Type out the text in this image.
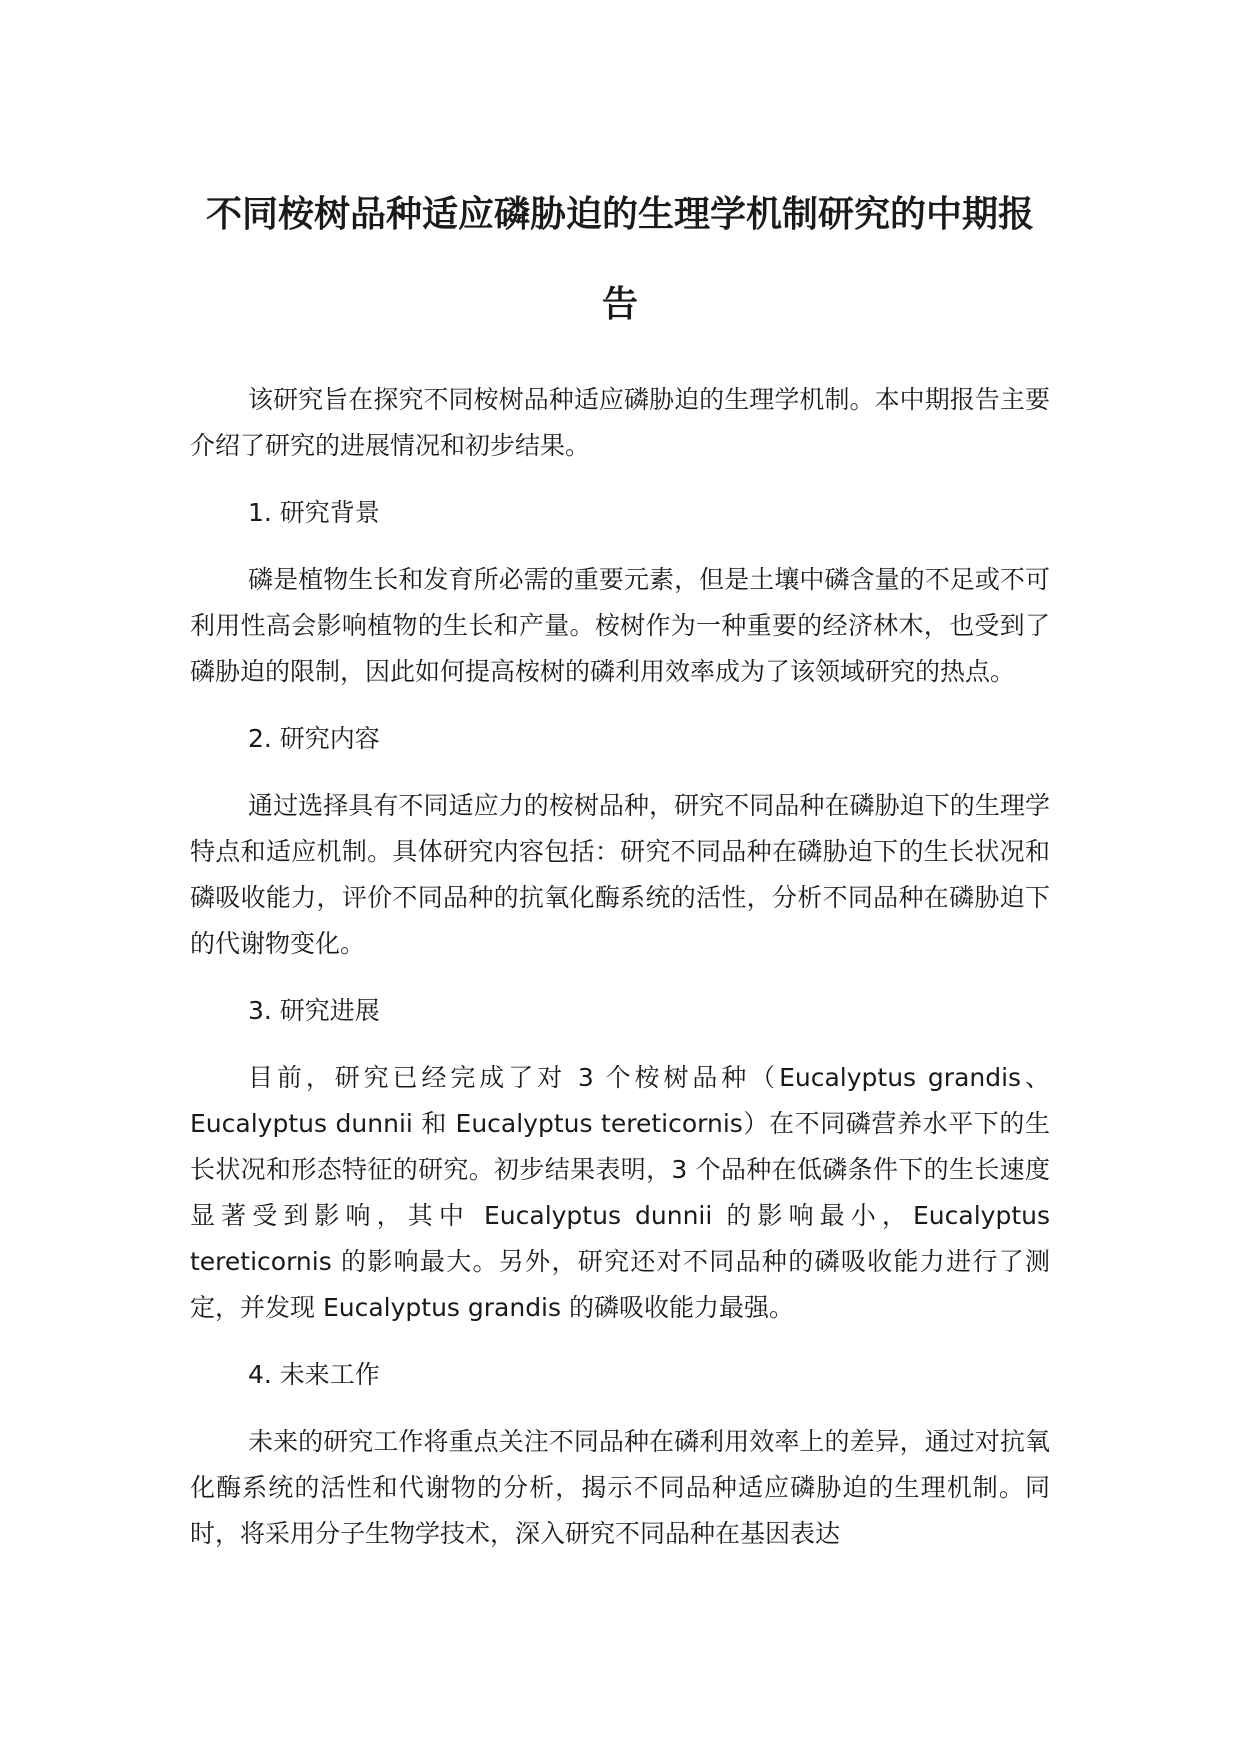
不同桉树品种适应磷胁迫的生理学机制研究的中期报告

该研究旨在探究不同桉树品种适应磷胁迫的生理学机制。本中期报告主要介绍了研究的进展情况和初步结果。

1. 研究背景

磷是植物生长和发育所必需的重要元素，但是土壤中磷含量的不足或不可利用性高会影响植物的生长和产量。桉树作为一种重要的经济林木，也受到了磷胁迫的限制，因此如何提高桉树的磷利用效率成为了该领域研究的热点。

2. 研究内容

通过选择具有不同适应力的桉树品种，研究不同品种在磷胁迫下的生理学特点和适应机制。具体研究内容包括：研究不同品种在磷胁迫下的生长状况和磷吸收能力，评价不同品种的抗氧化酶系统的活性，分析不同品种在磷胁迫下的代谢物变化。

3. 研究进展

目前，研究已经完成了对 3 个桉树品种（Eucalyptus grandis、Eucalyptus dunnii 和 Eucalyptus tereticornis）在不同磷营养水平下的生长状况和形态特征的研究。初步结果表明，3 个品种在低磷条件下的生长速度显著受到影响，其中 Eucalyptus dunnii 的影响最小，Eucalyptus tereticornis 的影响最大。另外，研究还对不同品种的磷吸收能力进行了测定，并发现 Eucalyptus grandis 的磷吸收能力最强。

4. 未来工作

未来的研究工作将重点关注不同品种在磷利用效率上的差异，通过对抗氧化酶系统的活性和代谢物的分析，揭示不同品种适应磷胁迫的生理机制。同时，将采用分子生物学技术，深入研究不同品种在基因表达
